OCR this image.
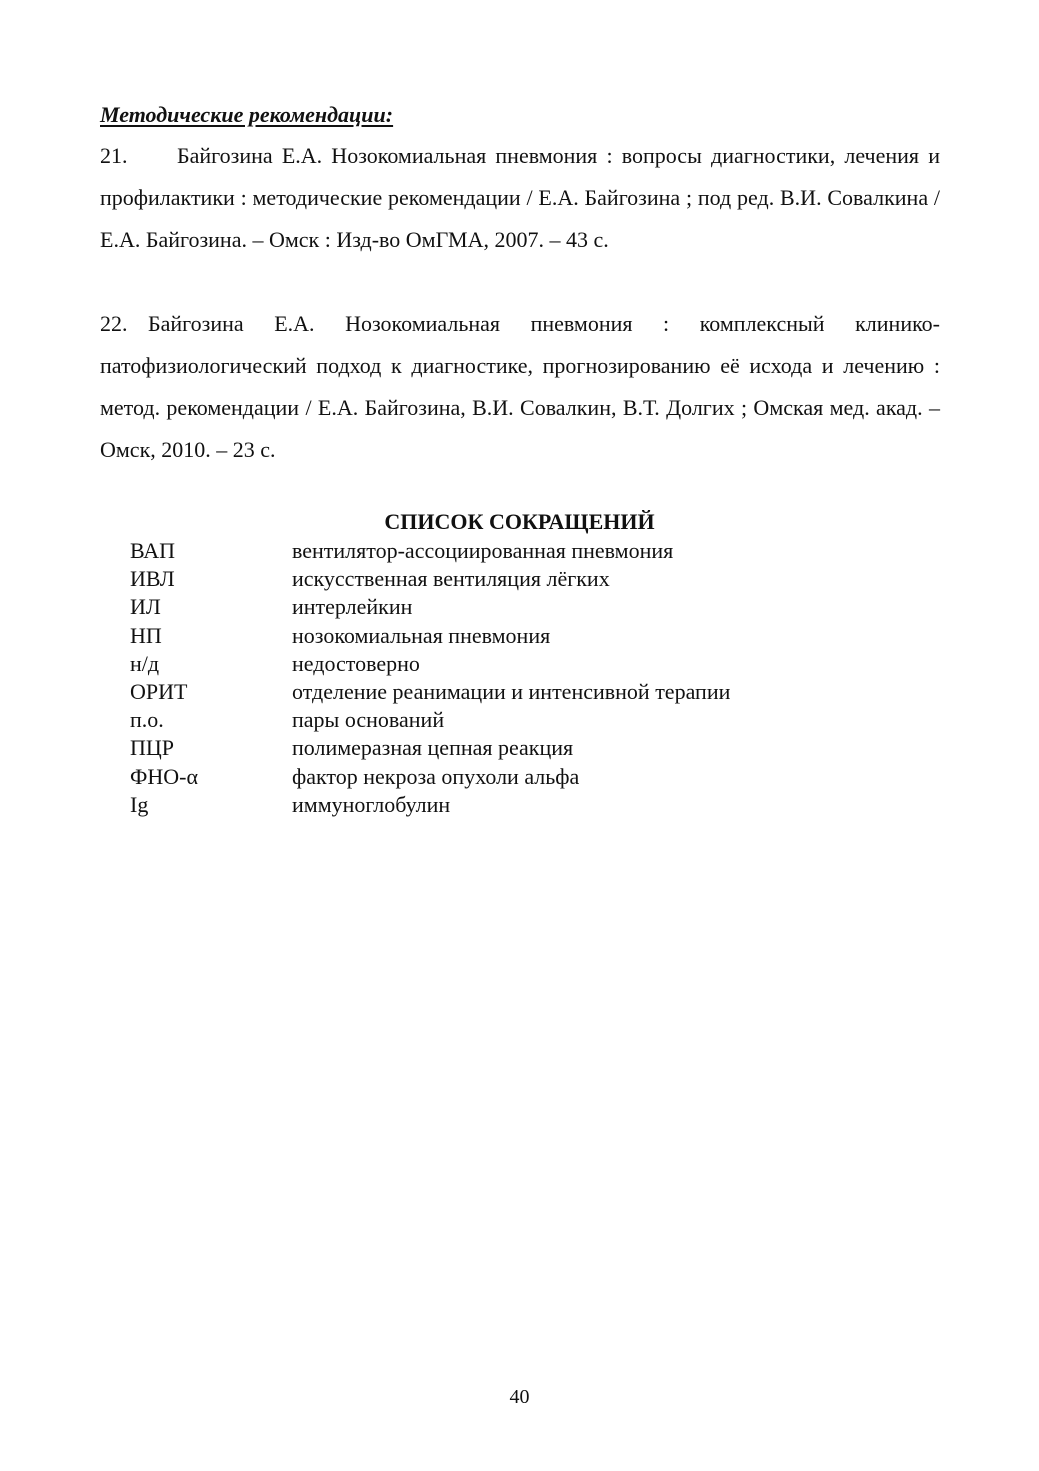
Методические рекомендации:

21. Байгозина Е.А. Нозокомиальная пневмония : вопросы диагностики, лечения и профилактики : методические рекомендации / Е.А. Байгозина ; под ред. В.И. Совалкина / Е.А. Байгозина. – Омск : Изд-во ОмГМА, 2007. – 43 с.

22. Байгозина Е.А. Нозокомиальная пневмония : комплексный клинико-патофизиологический подход к диагностике, прогнозированию её исхода и лечению : метод. рекомендации / Е.А. Байгозина, В.И. Совалкин, В.Т. Долгих ; Омская мед. акад. – Омск, 2010. – 23 с.

СПИСОК СОКРАЩЕНИЙ

ВАП	вентилятор-ассоциированная пневмония
ИВЛ	искусственная вентиляция лёгких
ИЛ	интерлейкин
НП	нозокомиальная пневмония
н/д	недостоверно
ОРИТ	отделение реанимации и интенсивной терапии
п.о.	пары оснований
ПЦР	полимеразная цепная реакция
ФНО-α	фактор некроза опухоли альфа
Ig	иммуноглобулин

40
